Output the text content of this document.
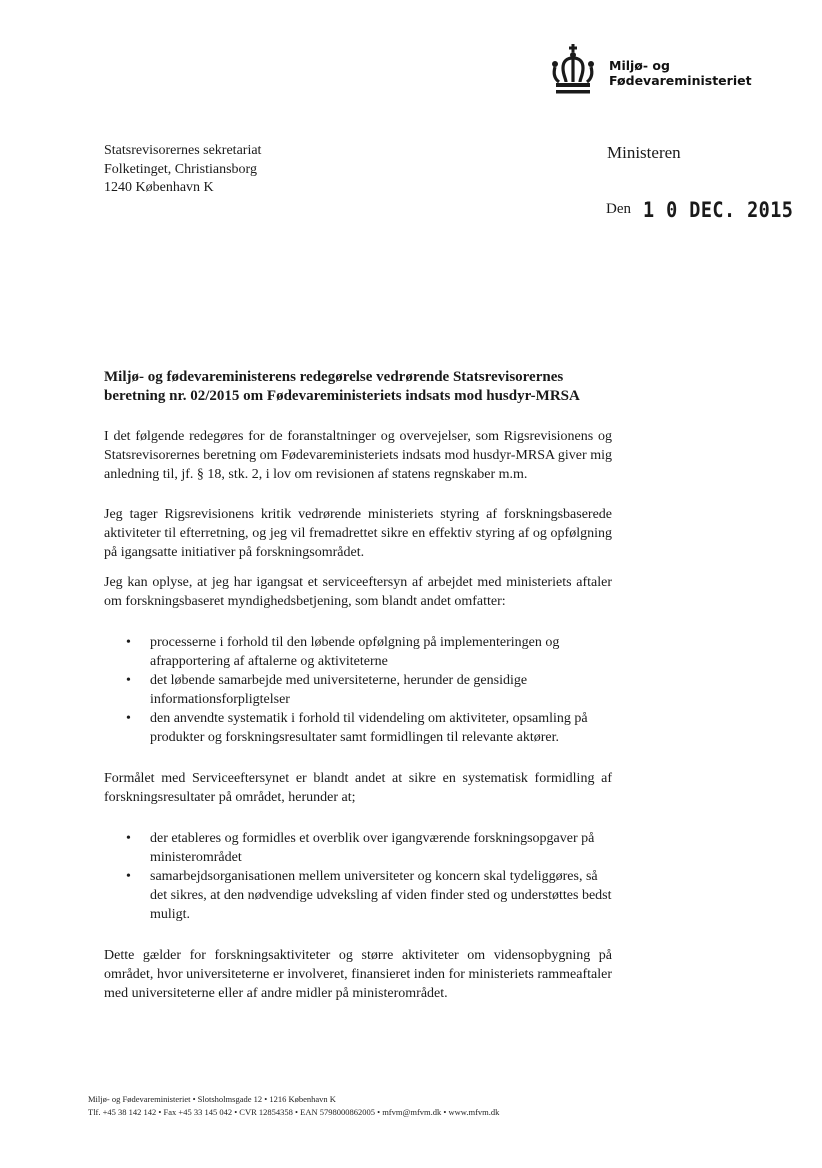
Miljø- og
Fødevareministeriet
Statsrevisorernes sekretariat
Folketinget, Christiansborg
1240 København K
Ministeren
Den 1 0 DEC. 2015
Miljø- og fødevareministerens redegørelse vedrørende Statsrevisorernes beretning nr. 02/2015 om Fødevareministeriets indsats mod husdyr-MRSA

I det følgende redegøres for de foranstaltninger og overvejelser, som Rigsrevisionens og Statsrevisorernes beretning om Fødevareministeriets indsats mod husdyr-MRSA giver mig anledning til, jf. § 18, stk. 2, i lov om revisionen af statens regnskaber m.m.

Jeg tager Rigsrevisionens kritik vedrørende ministeriets styring af forskningsbaserede aktiviteter til efterretning, og jeg vil fremadrettet sikre en effektiv styring af og opfølgning på igangsatte initiativer på forskningsområdet.

Jeg kan oplyse, at jeg har igangsat et serviceeftersyn af arbejdet med ministeriets aftaler om forskningsbaseret myndighedsbetjening, som blandt andet omfatter:

• processerne i forhold til den løbende opfølgning på implementeringen og afrapportering af aftalerne og aktiviteterne
• det løbende samarbejde med universiteterne, herunder de gensidige informationsforpligtelser
• den anvendte systematik i forhold til videndeling om aktiviteter, opsamling på produkter og forskningsresultater samt formidlingen til relevante aktører.

Formålet med Serviceeftersynet er blandt andet at sikre en systematisk formidling af forskningsresultater på området, herunder at;

• der etableres og formidles et overblik over igangværende forskningsopgaver på ministerområdet
• samarbejdsorganisationen mellem universiteter og koncern skal tydeliggøres, så det sikres, at den nødvendige udveksling af viden finder sted og understøttes bedst muligt.

Dette gælder for forskningsaktiviteter og større aktiviteter om vidensopbygning på området, hvor universiteterne er involveret, finansieret inden for ministeriets rammeaftaler med universiteterne eller af andre midler på ministerområdet.

Miljø- og Fødevareministeriet • Slotsholmsgade 12 • 1216 København K
Tlf. +45 38 142 142 • Fax +45 33 145 042 • CVR 12854358 • EAN 5798000862005 • mfvm@mfvm.dk • www.mfvm.dk
